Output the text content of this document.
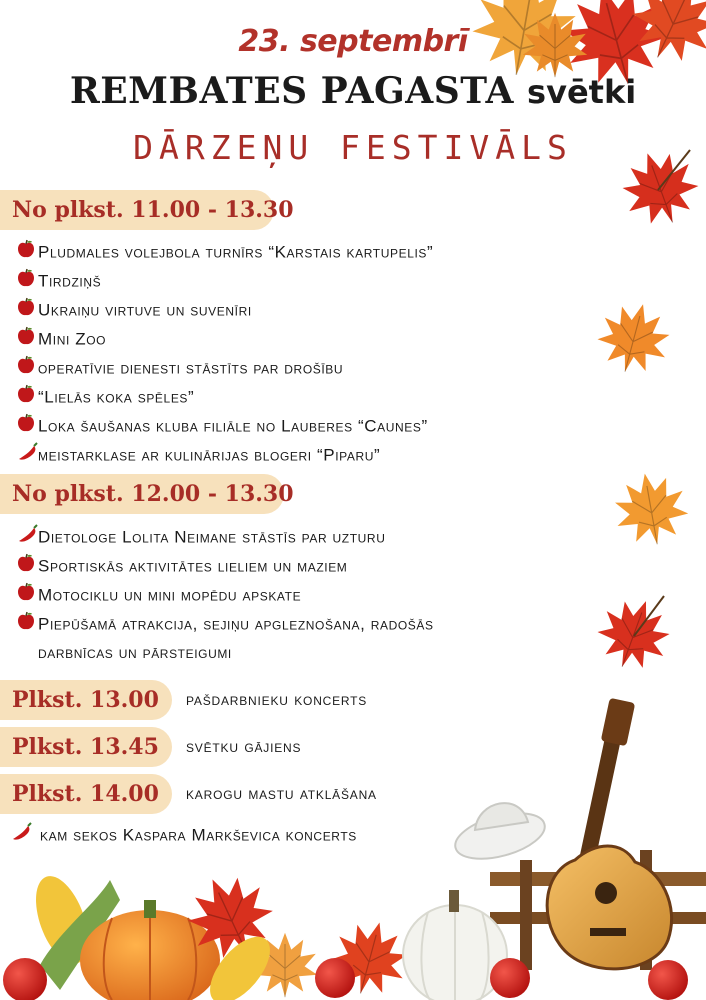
23. septembrī
REMBATES PAGASTA svētki
DĀRZEŅU FESTIVĀLS
No plkst. 11.00 - 13.30
Pludmales volejbola turnīrs “Karstais kartupelis”
Tirdziņš
Ukraiņu virtuve un suvenīri
Mini Zoo
operatīvie dienesti stāstīts par drošību
“Lielās koka spēles”
Loka šaušanas kluba filiāle no Lauberes “Caunes”
meistarklase ar kulinārijas blogeri “Piparu”
No plkst. 12.00 - 13.30
Dietologe Lolita Neimane stāstīs par uzturu
Sportiskās aktivitātes lieliem un maziem
Motociklu un mini mopēdu apskate
Piepūšamā atrakcija, sejiņu apgleznošana, radošās
darbnīcas un pārsteigumi
Plkst. 13.00	pašdarbnieku koncerts
Plkst. 13.45	svētku gājiens
Plkst. 14.00	karogu mastu atklāšana
kam sekos Kaspara Markševica koncerts
